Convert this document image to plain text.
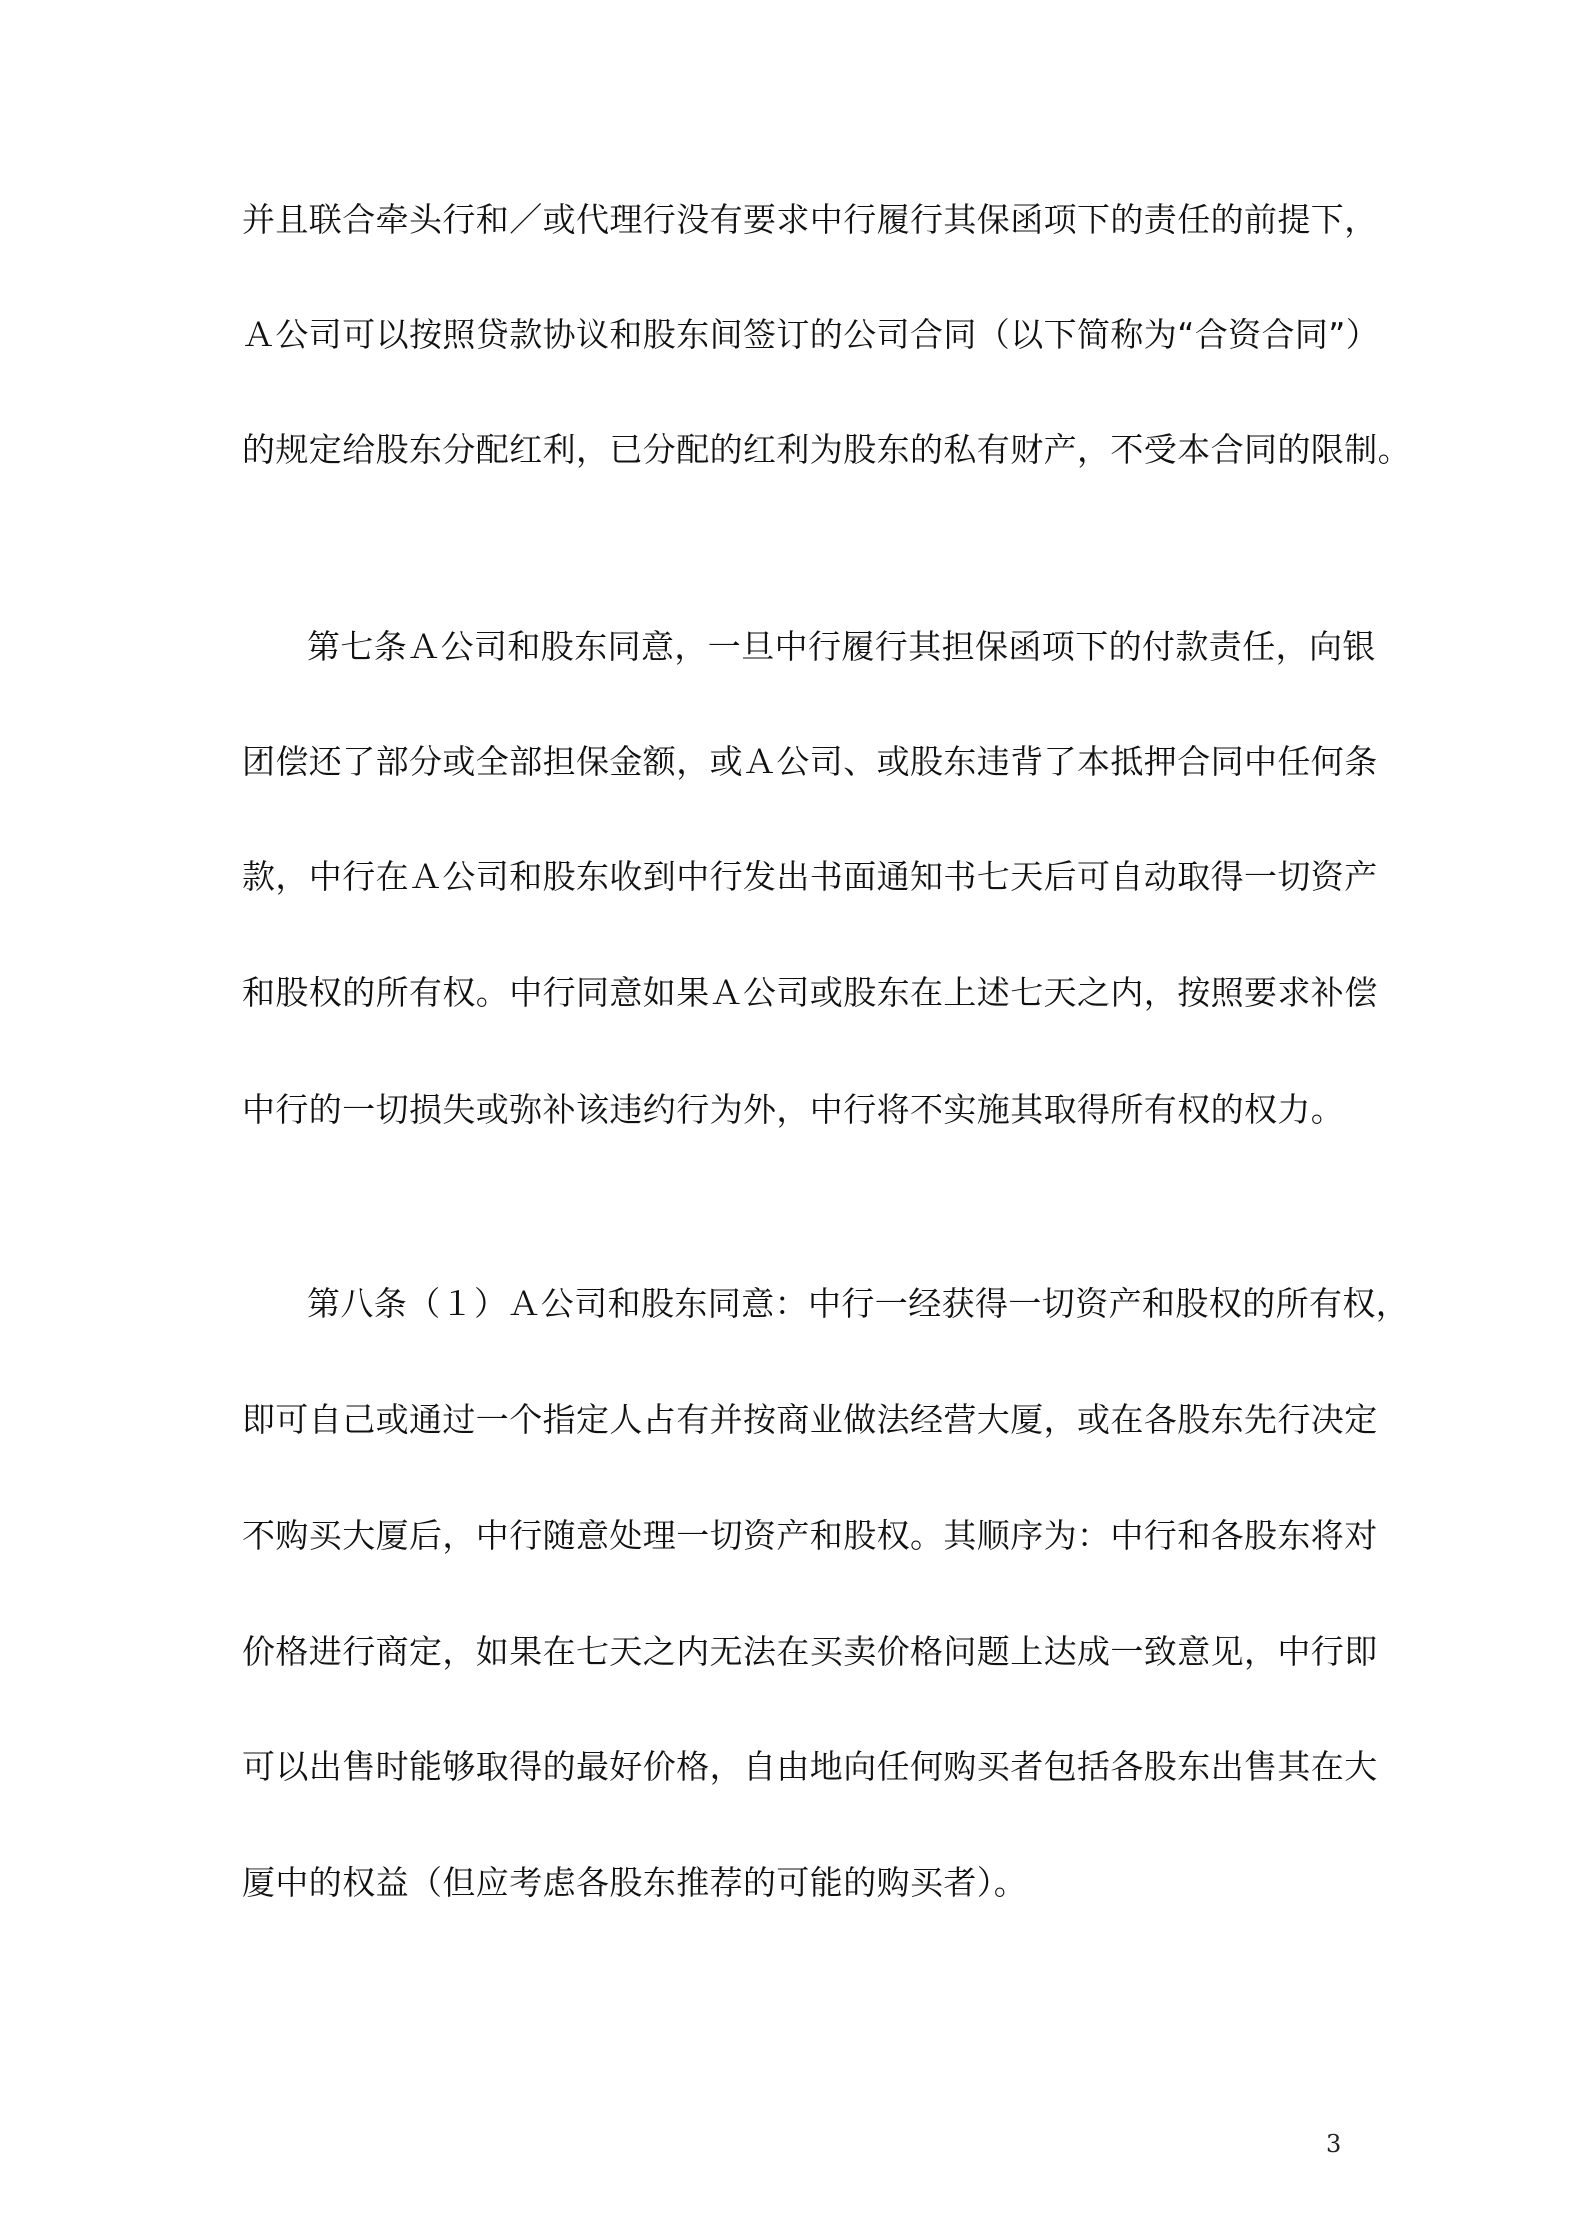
并且联合牵头行和／或代理行没有要求中行履行其保函项下的责任的前提下，
Ａ公司可以按照贷款协议和股东间签订的公司合同（以下简称为“合资合同”）
的规定给股东分配红利，已分配的红利为股东的私有财产，不受本合同的限制。
第七条Ａ公司和股东同意，一旦中行履行其担保函项下的付款责任，向银
团偿还了部分或全部担保金额，或Ａ公司、或股东违背了本抵押合同中任何条
款，中行在Ａ公司和股东收到中行发出书面通知书七天后可自动取得一切资产
和股权的所有权。中行同意如果Ａ公司或股东在上述七天之内，按照要求补偿
中行的一切损失或弥补该违约行为外，中行将不实施其取得所有权的权力。
第八条（１）Ａ公司和股东同意：中行一经获得一切资产和股权的所有权，
即可自己或通过一个指定人占有并按商业做法经营大厦，或在各股东先行决定
不购买大厦后，中行随意处理一切资产和股权。其顺序为：中行和各股东将对
价格进行商定，如果在七天之内无法在买卖价格问题上达成一致意见，中行即
可以出售时能够取得的最好价格，自由地向任何购买者包括各股东出售其在大
厦中的权益（但应考虑各股东推荐的可能的购买者）。
3
